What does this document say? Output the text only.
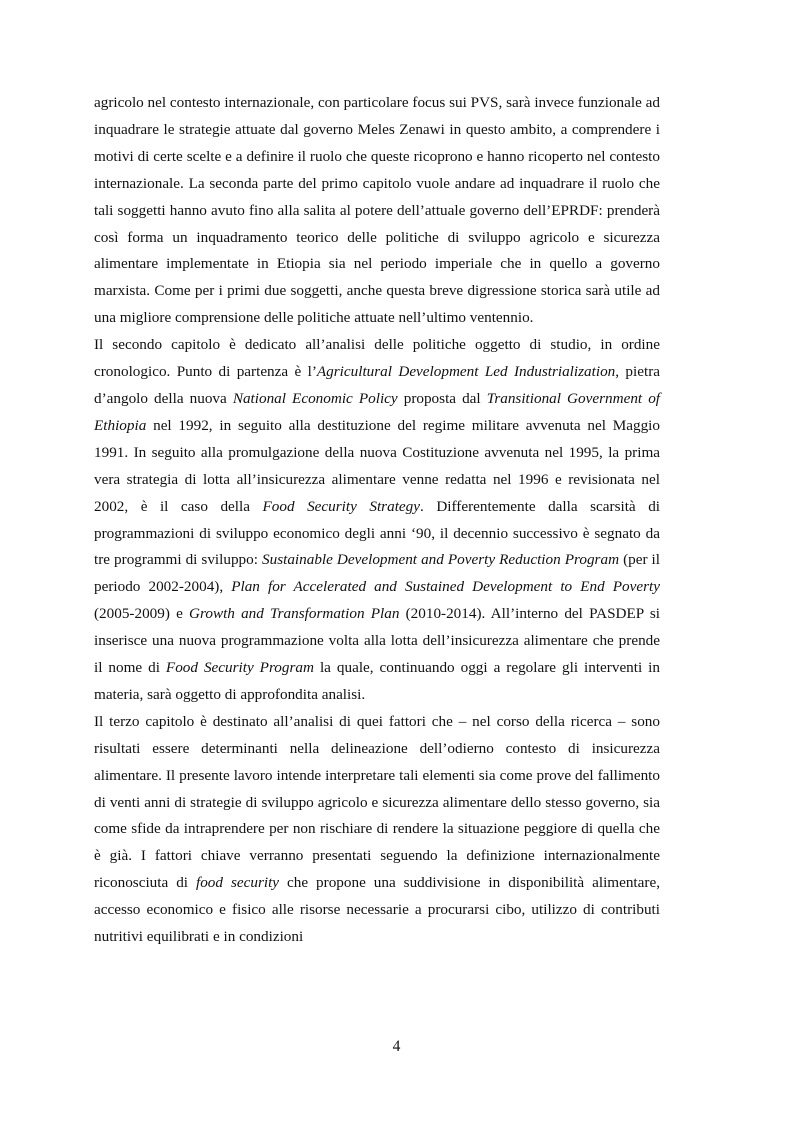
agricolo nel contesto internazionale, con particolare focus sui PVS, sarà invece funzionale ad inquadrare le strategie attuate dal governo Meles Zenawi in questo ambito, a comprendere i motivi di certe scelte e a definire il ruolo che queste ricoprono e hanno ricoperto nel contesto internazionale. La seconda parte del primo capitolo vuole andare ad inquadrare il ruolo che tali soggetti hanno avuto fino alla salita al potere dell’attuale governo dell’EPRDF: prenderà così forma un inquadramento teorico delle politiche di sviluppo agricolo e sicurezza alimentare implementate in Etiopia sia nel periodo imperiale che in quello a governo marxista. Come per i primi due soggetti, anche questa breve digressione storica sarà utile ad una migliore comprensione delle politiche attuate nell’ultimo ventennio.

Il secondo capitolo è dedicato all’analisi delle politiche oggetto di studio, in ordine cronologico. Punto di partenza è l’Agricultural Development Led Industrialization, pietra d’angolo della nuova National Economic Policy proposta dal Transitional Government of Ethiopia nel 1992, in seguito alla destituzione del regime militare avvenuta nel Maggio 1991. In seguito alla promulgazione della nuova Costituzione avvenuta nel 1995, la prima vera strategia di lotta all’insicurezza alimentare venne redatta nel 1996 e revisionata nel 2002, è il caso della Food Security Strategy. Differentemente dalla scarsità di programmazioni di sviluppo economico degli anni ‘90, il decennio successivo è segnato da tre programmi di sviluppo: Sustainable Development and Poverty Reduction Program (per il periodo 2002-2004), Plan for Accelerated and Sustained Development to End Poverty (2005-2009) e Growth and Transformation Plan (2010-2014). All’interno del PASDEP si inserisce una nuova programmazione volta alla lotta dell’insicurezza alimentare che prende il nome di Food Security Program la quale, continuando oggi a regolare gli interventi in materia, sarà oggetto di approfondita analisi.

Il terzo capitolo è destinato all’analisi di quei fattori che – nel corso della ricerca – sono risultati essere determinanti nella delineazione dell’odierno contesto di insicurezza alimentare. Il presente lavoro intende interpretare tali elementi sia come prove del fallimento di venti anni di strategie di sviluppo agricolo e sicurezza alimentare dello stesso governo, sia come sfide da intraprendere per non rischiare di rendere la situazione peggiore di quella che è già. I fattori chiave verranno presentati seguendo la definizione internazionalmente riconosciuta di food security che propone una suddivisione in disponibilità alimentare, accesso economico e fisico alle risorse necessarie a procurarsi cibo, utilizzo di contributi nutritivi equilibrati e in condizioni

4
